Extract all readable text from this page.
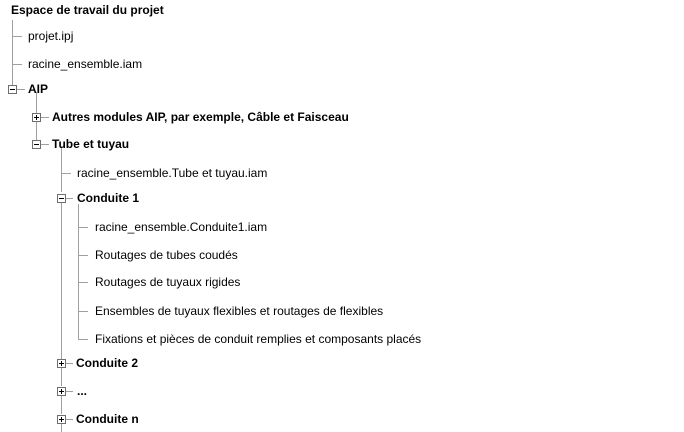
Espace de travail du projet
projet.ipj
racine_ensemble.iam
AIP
Autres modules AIP, par exemple, Câble et Faisceau
Tube et tuyau
racine_ensemble.Tube et tuyau.iam
Conduite 1
racine_ensemble.Conduite1.iam
Routages de tubes coudés
Routages de tuyaux rigides
Ensembles de tuyaux flexibles et routages de flexibles
Fixations et pièces de conduit remplies et composants placés
Conduite 2
...
Conduite n
